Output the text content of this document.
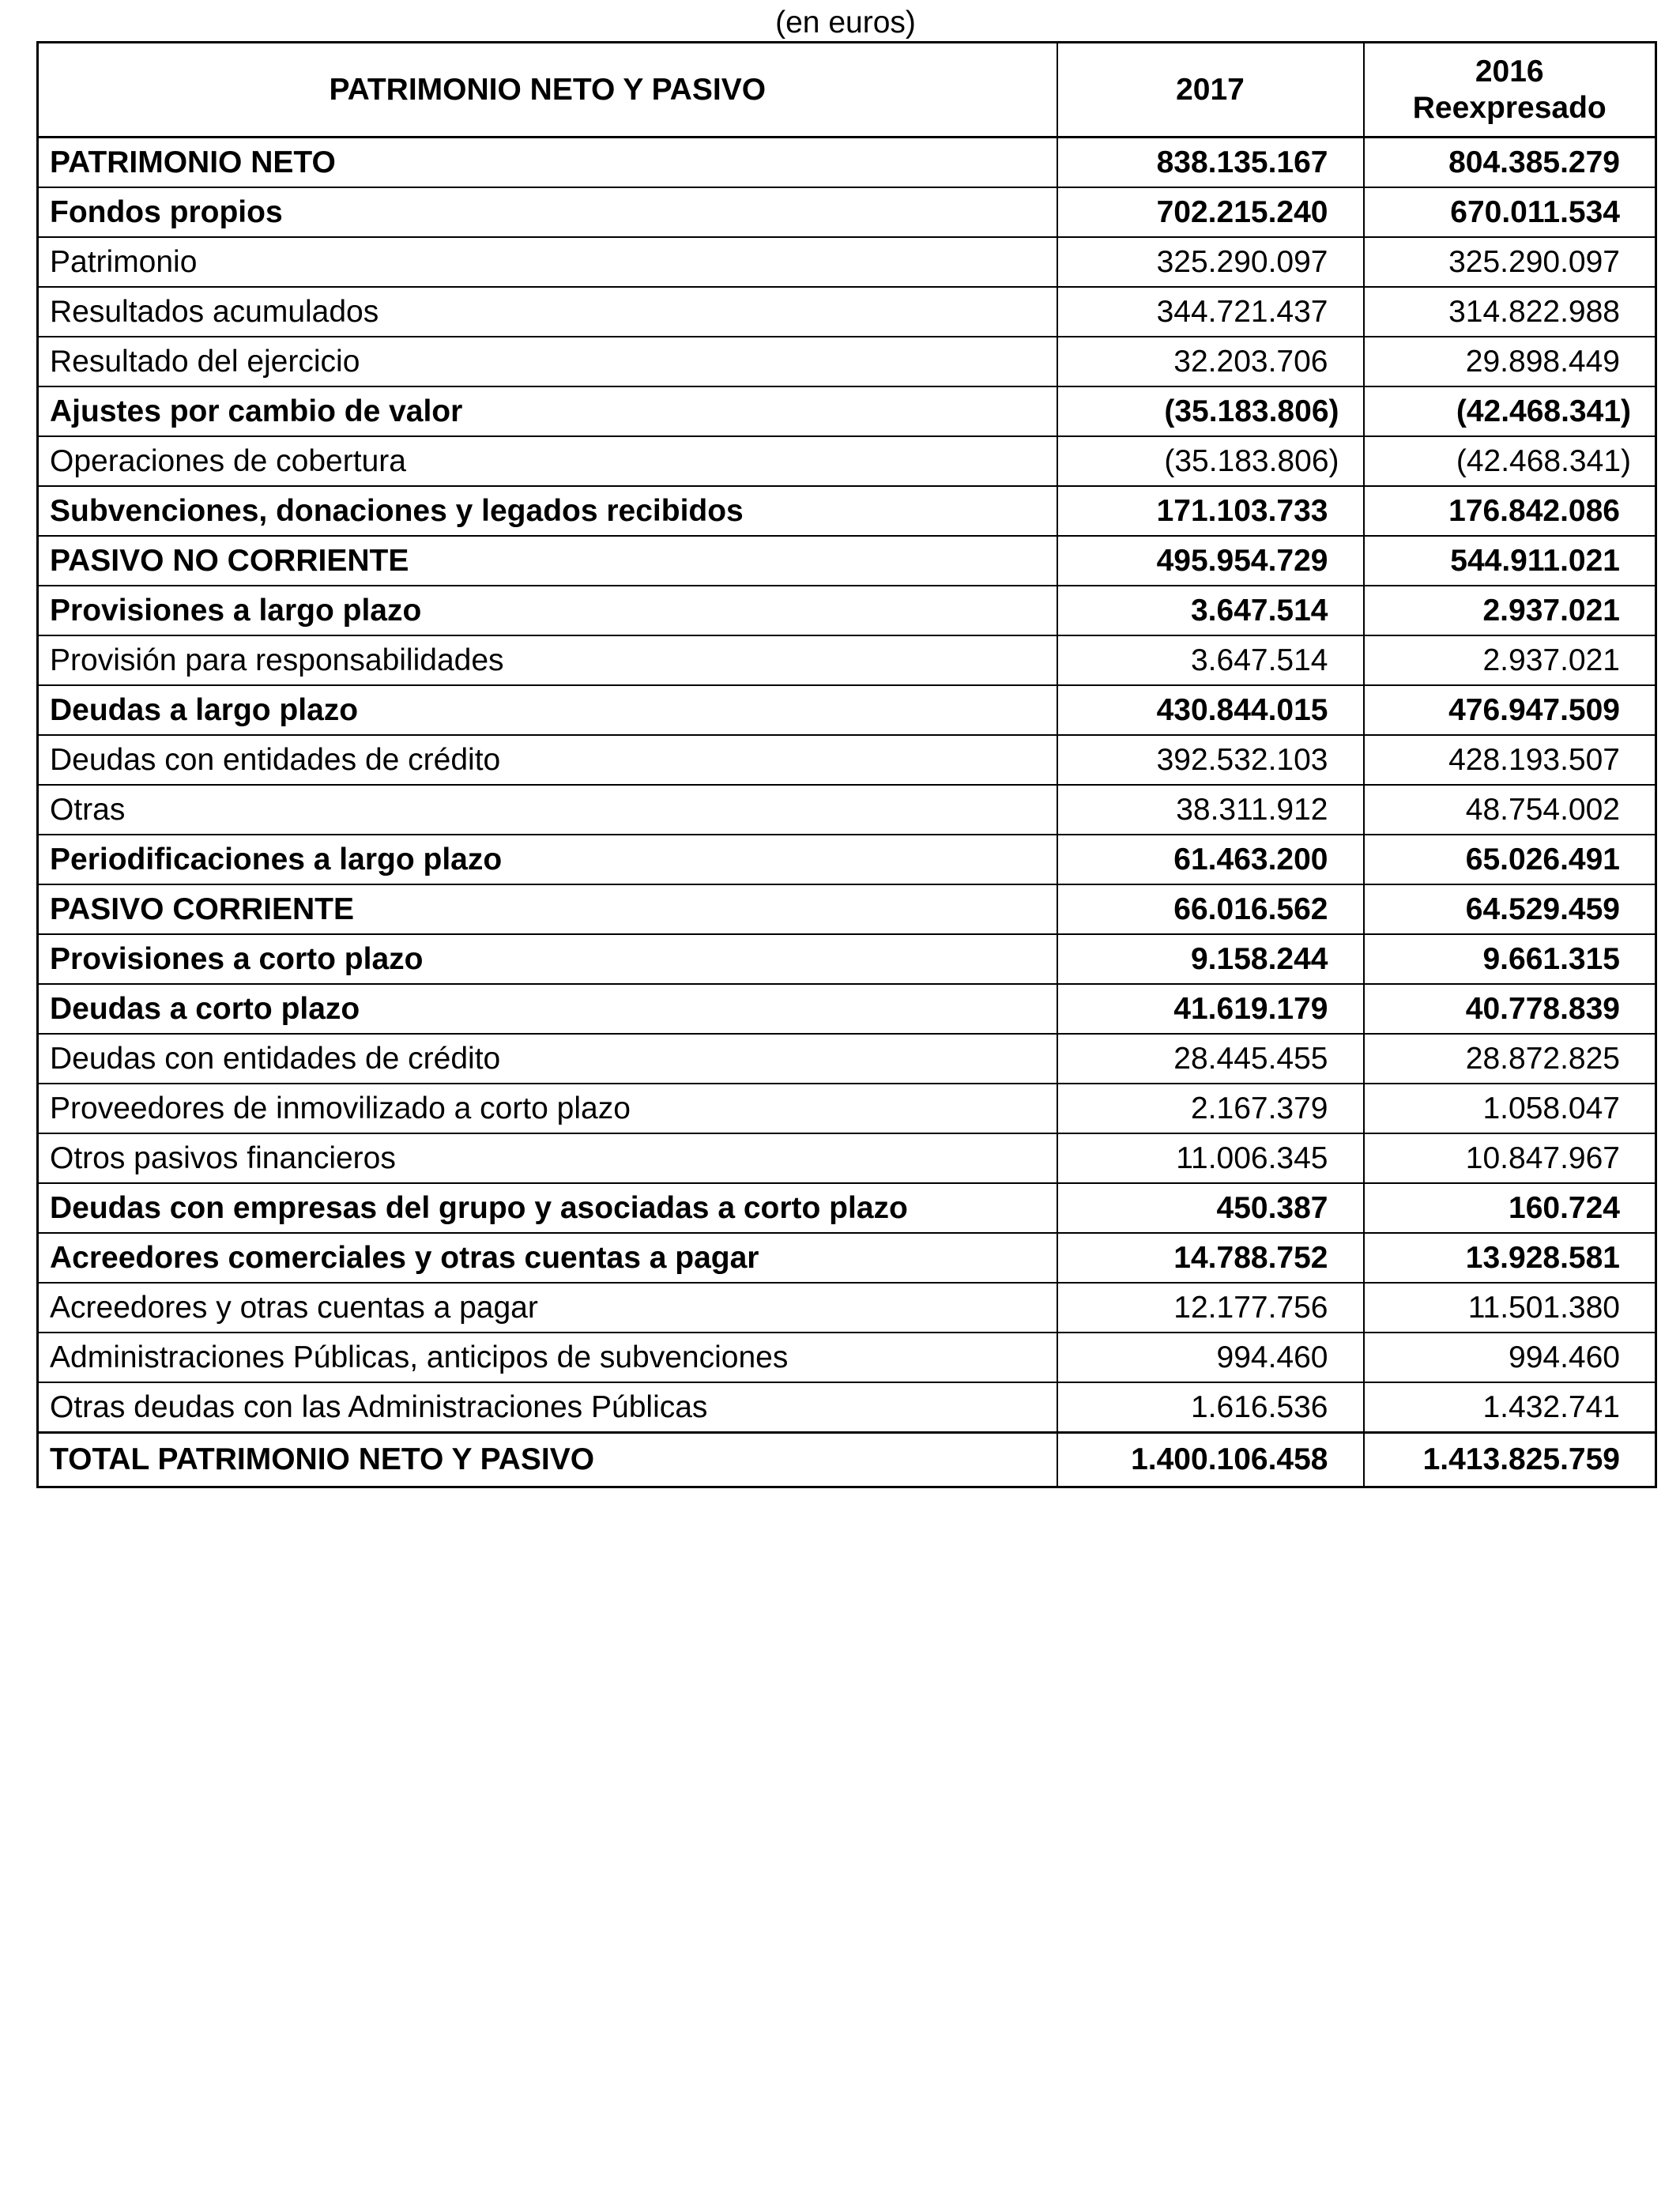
(en euros)
PATRIMONIO NETO Y PASIVO	2017	2016
Reexpresado

PATRIMONIO NETO	838.135.167	804.385.279
Fondos propios	702.215.240	670.011.534
Patrimonio	325.290.097	325.290.097
Resultados acumulados	344.721.437	314.822.988
Resultado del ejercicio	32.203.706	29.898.449
Ajustes por cambio de valor	(35.183.806)	(42.468.341)
Operaciones de cobertura	(35.183.806)	(42.468.341)
Subvenciones, donaciones y legados recibidos	171.103.733	176.842.086
PASIVO NO CORRIENTE	495.954.729	544.911.021
Provisiones a largo plazo	3.647.514	2.937.021
Provisión para responsabilidades	3.647.514	2.937.021
Deudas a largo plazo	430.844.015	476.947.509
Deudas con entidades de crédito	392.532.103	428.193.507
Otras	38.311.912	48.754.002
Periodificaciones a largo plazo	61.463.200	65.026.491
PASIVO CORRIENTE	66.016.562	64.529.459
Provisiones a corto plazo	9.158.244	9.661.315
Deudas a corto plazo	41.619.179	40.778.839
Deudas con entidades de crédito	28.445.455	28.872.825
Proveedores de inmovilizado a corto plazo	2.167.379	1.058.047
Otros pasivos financieros	11.006.345	10.847.967
Deudas con empresas del grupo y asociadas a corto plazo	450.387	160.724
Acreedores comerciales y otras cuentas a pagar	14.788.752	13.928.581
Acreedores y otras cuentas a pagar	12.177.756	11.501.380
Administraciones Públicas, anticipos de subvenciones	994.460	994.460
Otras deudas con las Administraciones Públicas	1.616.536	1.432.741
TOTAL PATRIMONIO NETO Y PASIVO	1.400.106.458	1.413.825.759
